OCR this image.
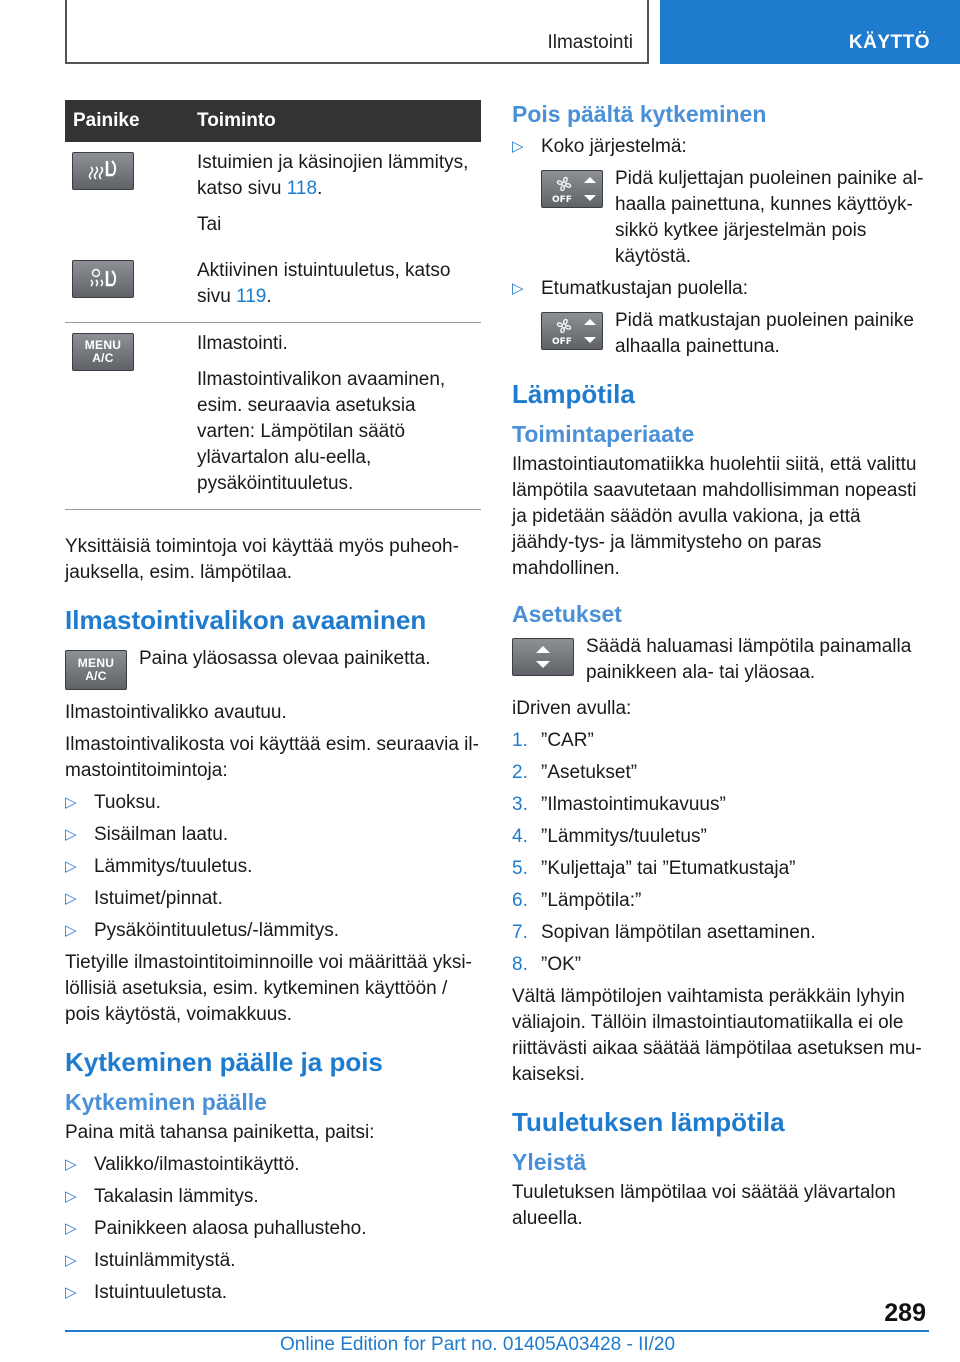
Ilmastointi	KÄYTTÖ
Painike	Toiminto

Istuimien ja käsinojien lämmitys, katso sivu 118.

Tai

Aktiivinen istuintuuletus, katso sivu 119.

MENU
A/C

Ilmastointi.

Ilmastointivalikon avaaminen, esim. seuraavia asetuksia varten: Lämpötilan säätö ylävartalon alu-eella, pysäköintituuletus.

Yksittäisiä toimintoja voi käyttää myös puheoh-jauksella, esim. lämpötilaa.

Ilmastointivalikon avaaminen
MENU
A/C

Paina yläosassa olevaa painiketta.

Ilmastointivalikko avautuu.

Ilmastointivalikosta voi käyttää esim. seuraavia il-mastointitoimintoja:

▷ Tuoksu.
▷ Sisäilman laatu.
▷ Lämmitys/tuuletus.
▷ Istuimet/pinnat.
▷ Pysäköintituuletus/-lämmitys.

Tietyille ilmastointitoiminnoille voi määrittää yksi-löllisiä asetuksia, esim. kytkeminen käyttöön / pois käytöstä, voimakkuus.

Kytkeminen päälle ja pois
Kytkeminen päälle

Paina mitä tahansa painiketta, paitsi:

▷ Valikko/ilmastointikäyttö.
▷ Takalasin lämmitys.
▷ Painikkeen alaosa puhallusteho.
▷ Istuinlämmitystä.
▷ Istuintuuletusta.
Pois päältä kytkeminen
▷ Koko järjestelmä:
OFF

Pidä kuljettajan puoleinen painike al-haalla painettuna, kunnes käyttöyk-sikkö kytkee järjestelmän pois käytöstä.

▷ Etumatkustajan puolella:
OFF

Pidä matkustajan puoleinen painike alhaalla painettuna.

Lämpötila
Toimintaperiaate

Ilmastointiautomatiikka huolehtii siitä, että valittu lämpötila saavutetaan mahdollisimman nopeasti ja pidetään säädön avulla vakiona, ja että jäähdy-tys- ja lämmitysteho on paras mahdollinen.

Asetukset

Säädä haluamasi lämpötila painamalla painikkeen ala- tai yläosaa.

iDriven avulla:

1. ”CAR”
2. ”Asetukset”
3. ”Ilmastointimukavuus”
4. ”Lämmitys/tuuletus”
5. ”Kuljettaja” tai ”Etumatkustaja”
6. ”Lämpötila:”
7. Sopivan lämpötilan asettaminen.
8. ”OK”

Vältä lämpötilojen vaihtamista peräkkäin lyhyin väliajoin. Tällöin ilmastointiautomatiikalla ei ole riittävästi aikaa säätää lämpötilaa asetuksen mu-kaiseksi.

Tuuletuksen lämpötila
Yleistä

Tuuletuksen lämpötilaa voi säätää ylävartalon alueella.

289
Online Edition for Part no. 01405A03428 - II/20
